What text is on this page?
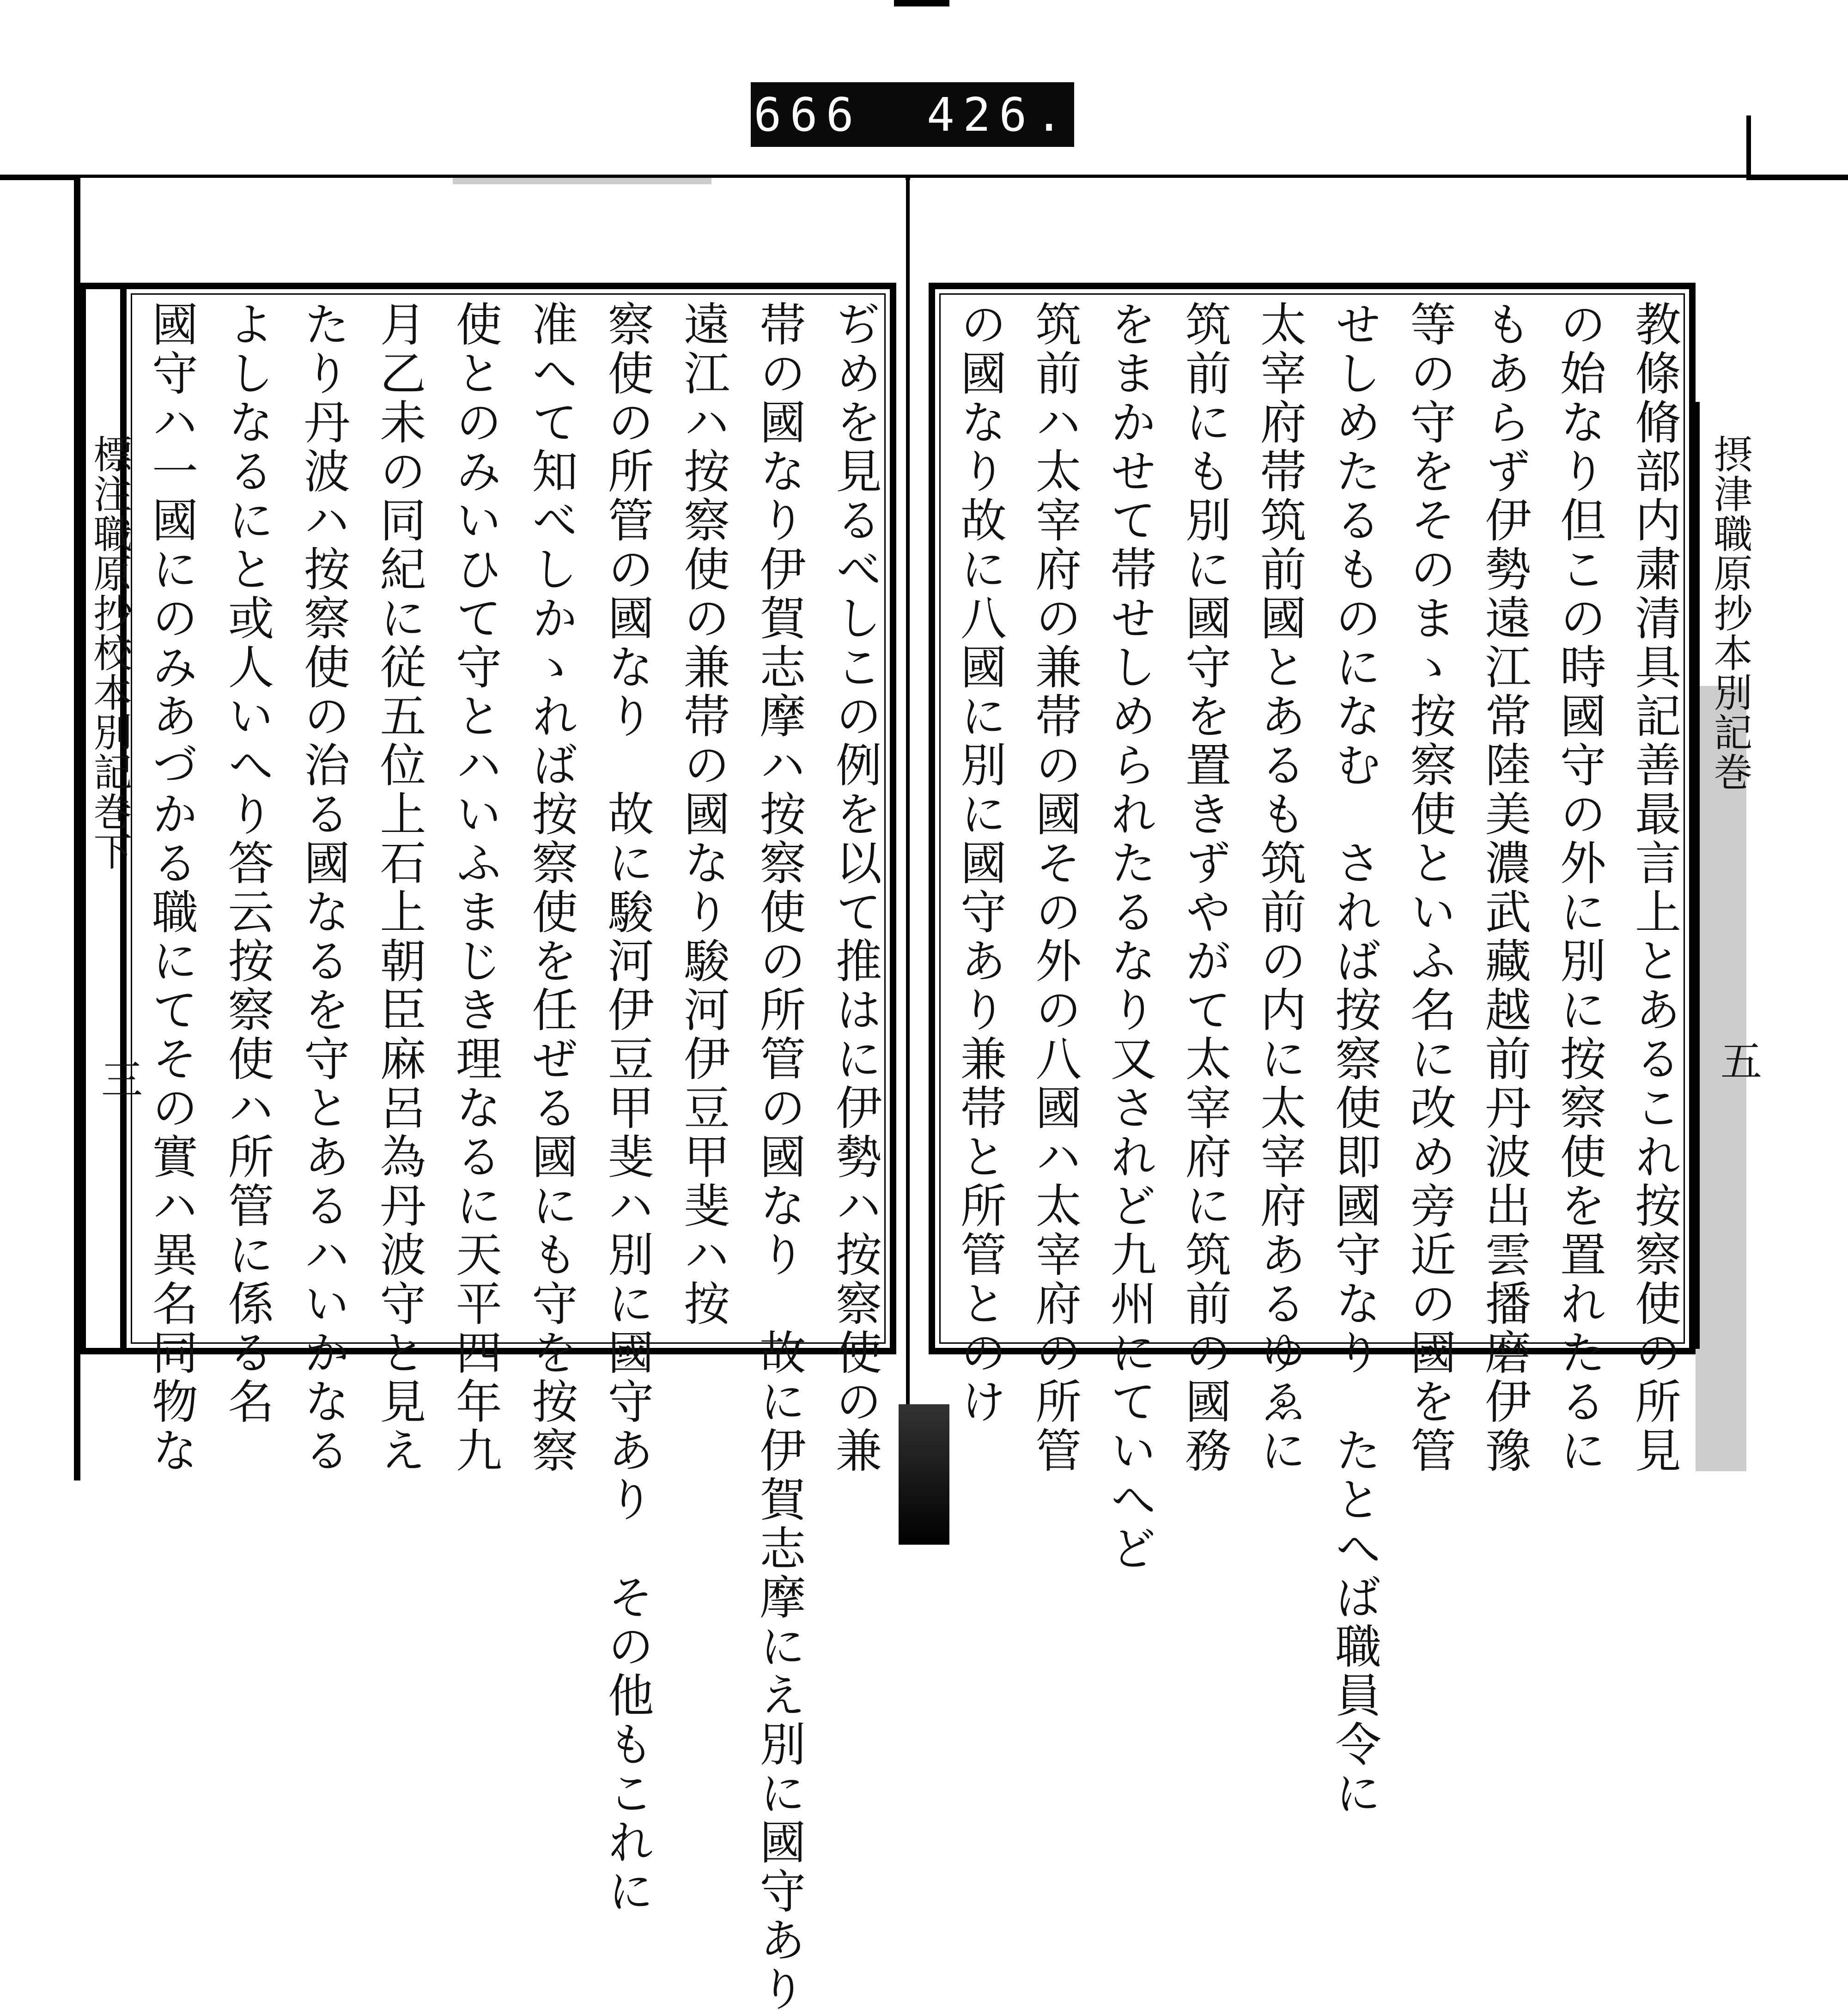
666 426.
標注職原抄校本別記巻下
三	ぢめを見るべしこの例を以て推はに伊勢ハ按察使の兼
帯の國なり伊賀志摩ハ按察使の所管の國なり　故に伊賀志摩にえ別に國守あり
遠江ハ按察使の兼帯の國なり駿河伊豆甲斐ハ按
察使の所管の國なり　故に駿河伊豆甲斐ハ別に國守あり　その他もこれに
准へて知べしかゝれば按察使を任ぜる國にも守を按察
使とのみいひて守とハいふまじき理なるに天平四年九
月乙未の同紀に従五位上石上朝臣麻呂為丹波守と見え
たり丹波ハ按察使の治る國なるを守とあるハいかなる
よしなるにと或人いへり答云按察使ハ所管に係る名
國守ハ一國にのみあづかる職にてその實ハ異名同物な	摂津職原抄本別記巻
五
教條脩部内粛清具記善最言上とあるこれ按察使の所見
の始なり但この時國守の外に別に按察使を置れたるに
もあらず伊勢遠江常陸美濃武藏越前丹波出雲播磨伊豫
等の守をそのまゝ按察使といふ名に改め旁近の國を管
せしめたるものになむ　されば按察使即國守なり　たとへば職員令に
太宰府帯筑前國とあるも筑前の内に太宰府あるゆゑに
筑前にも別に國守を置きずやがて太宰府に筑前の國務
をまかせて帯せしめられたるなり又されど九州にていへど
筑前ハ太宰府の兼帯の國その外の八國ハ太宰府の所管
の國なり故に八國に別に國守あり兼帯と所管とのけ
